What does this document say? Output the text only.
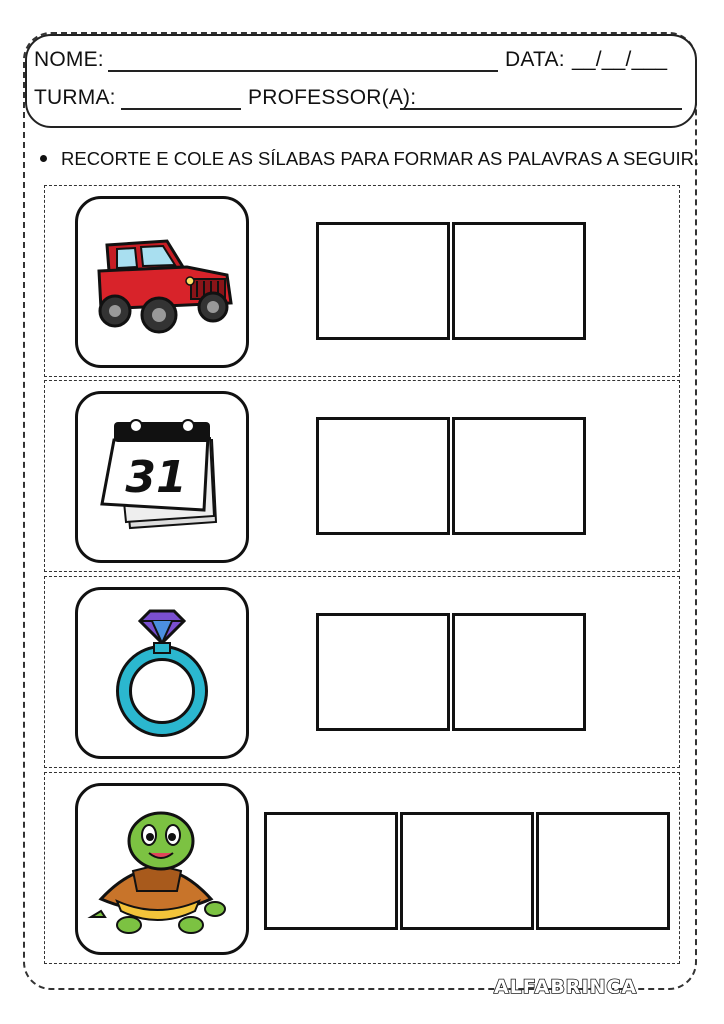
NOME:	DATA: __/__/___
TURMA:	PROFESSOR(A):
RECORTE E COLE AS SÍLABAS PARA FORMAR AS PALAVRAS A SEGUIR.
31
ALFABRINCA
